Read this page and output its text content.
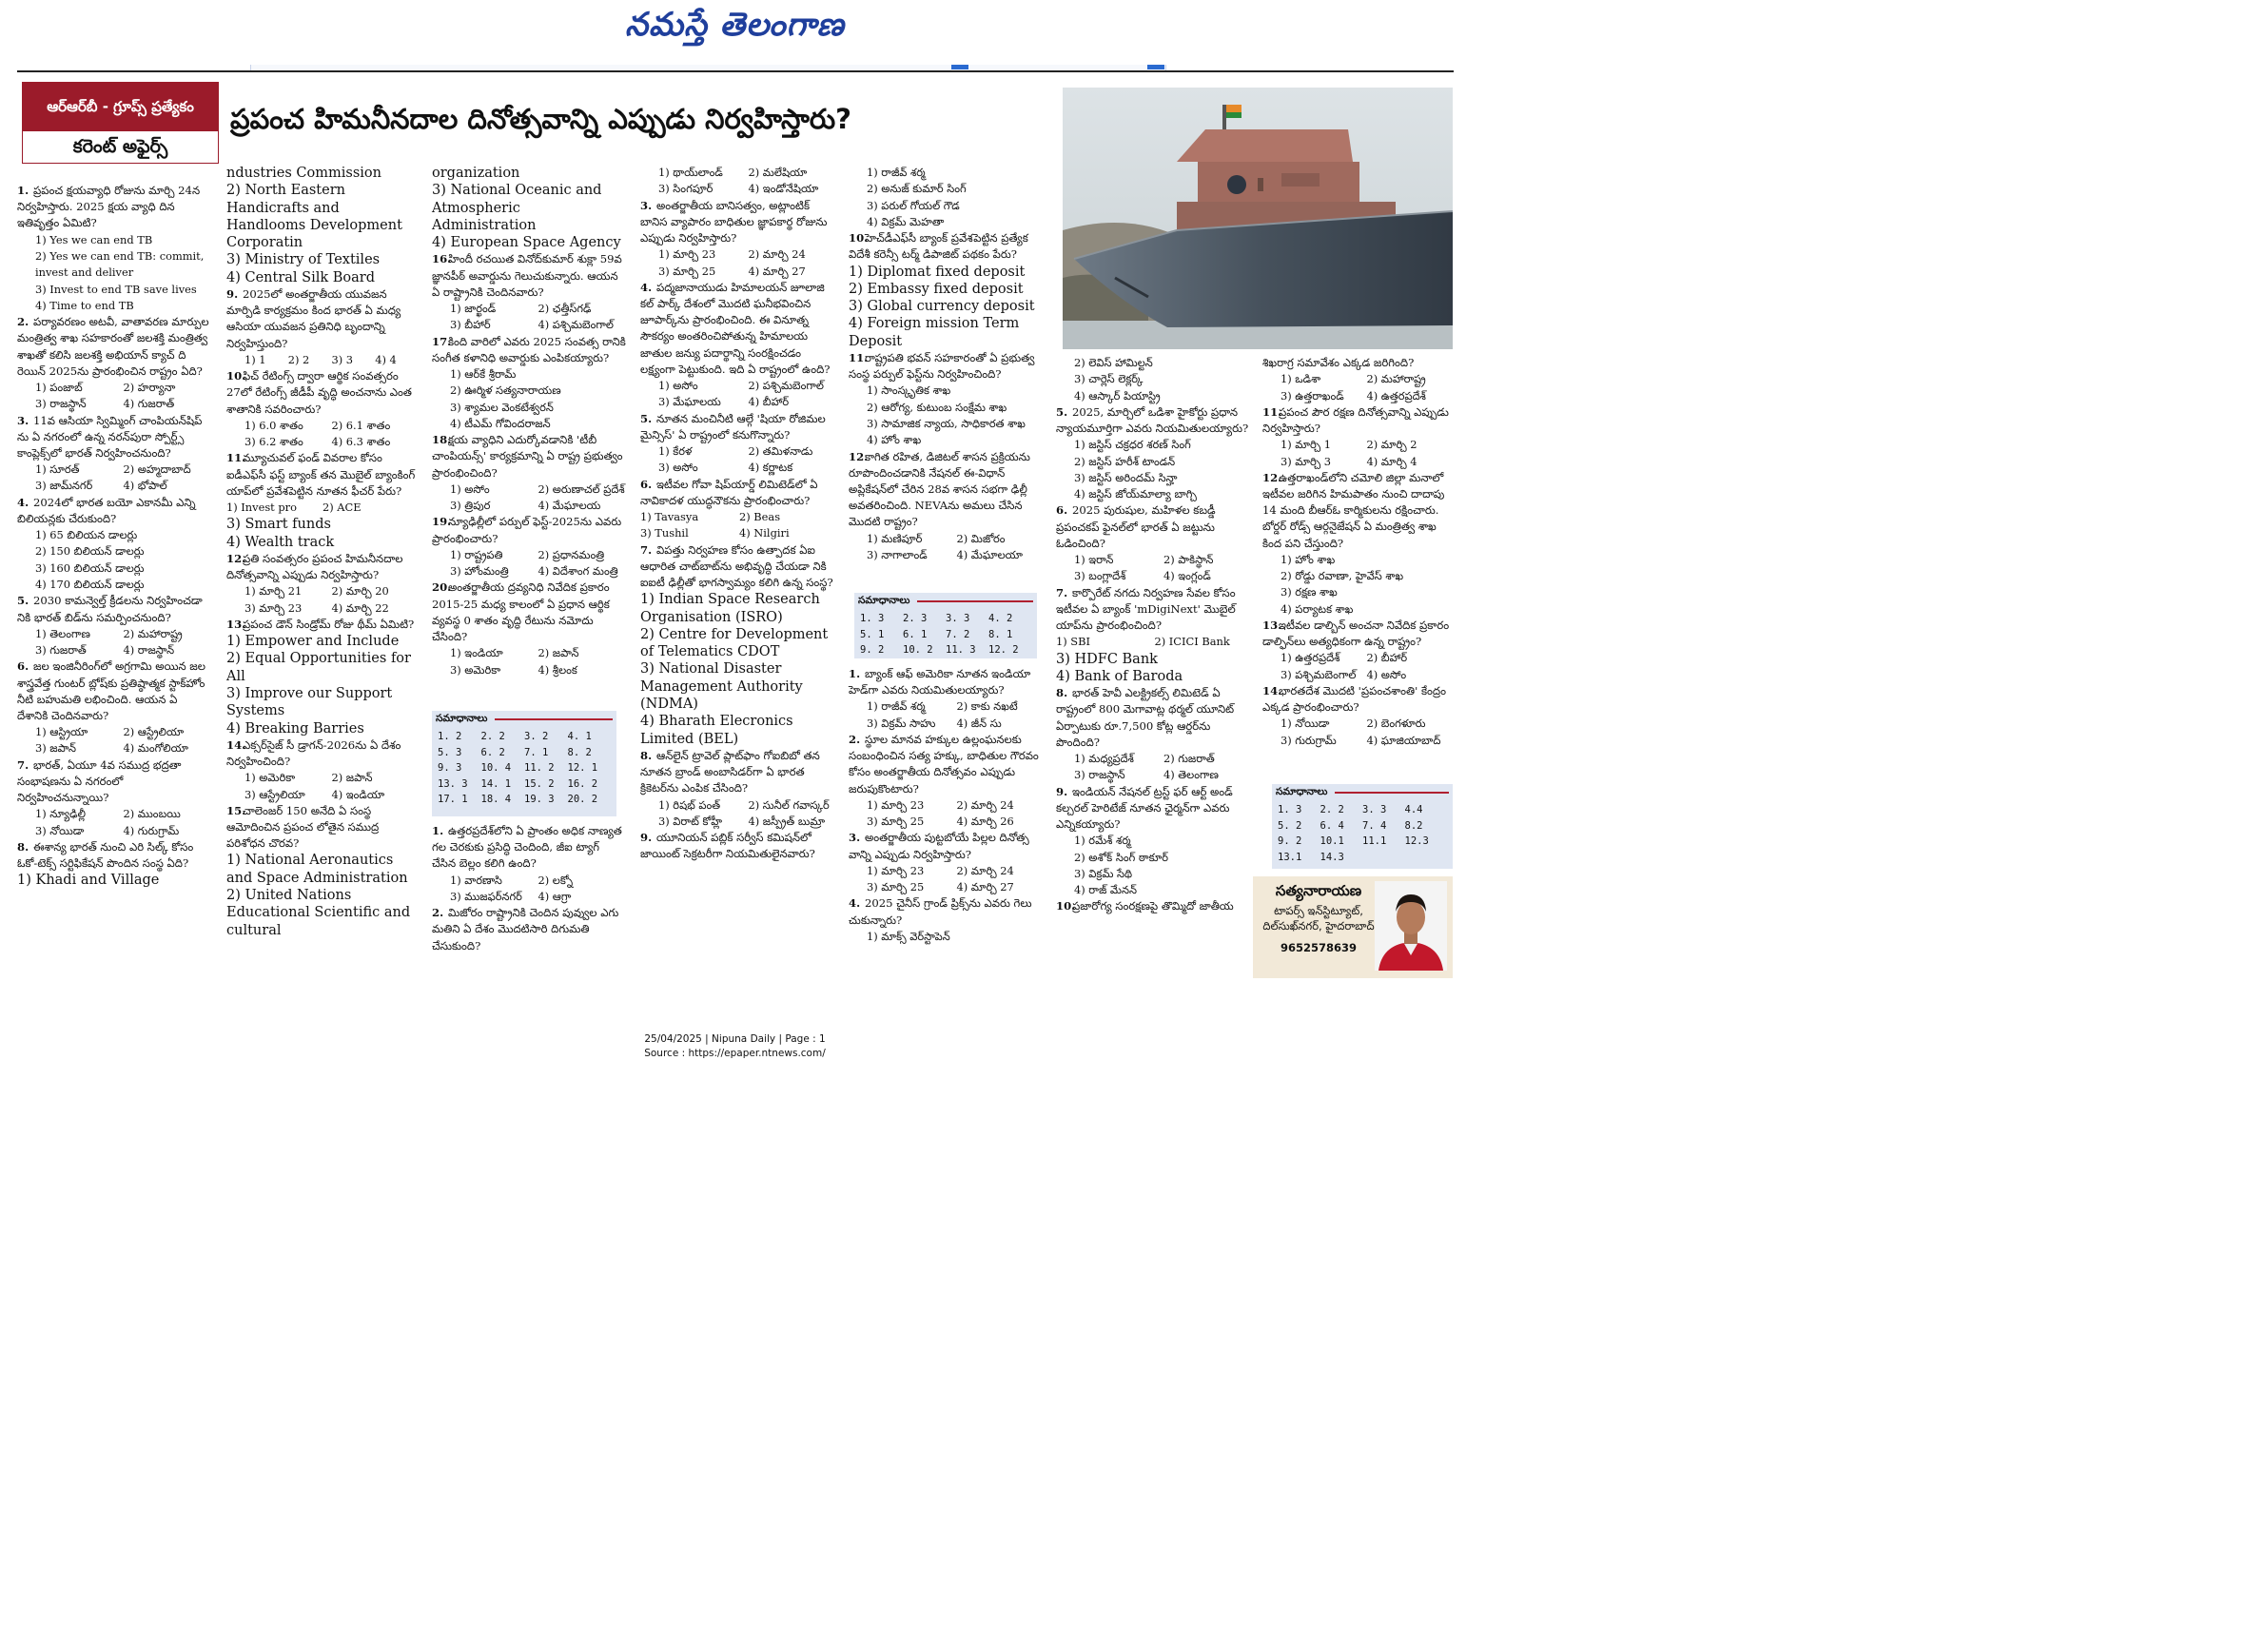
నమస్తే తెలంగాణ
ఆర్ఆర్‌బీ - గ్రూప్స్ ప్రత్యేకం
కరెంట్ అఫైర్స్
ప్రపంచ హిమనీనదాల దినోత్సవాన్ని ఎప్పుడు నిర్వహిస్తారు?
1. ప్రపంచ క్షయవ్యాధి రోజును మార్చి 24న నిర్వహిస్తారు. 2025 క్షయ వ్యాధి దిన ఇతివృత్తం ఏమిటి?
1) Yes we can end TB
2) Yes we can end TB: commit, invest and deliver
3) Invest to end TB save lives
4) Time to end TB
2. పర్యావరణం అటవీ, వాతావరణ మార్పుల మంత్రిత్వ శాఖ సహకారంతో జలశక్తి మంత్రిత్వ శాఖతో కలిసి జలశక్తి అభియాన్ క్యాచ్ ది రెయిన్ 2025ను ప్రారంభించిన రాష్ట్రం ఏది?
1) పంజాబ్	2) హర్యానా
3) రాజస్థాన్	4) గుజరాత్
3. 11వ ఆసియా స్విమ్మింగ్ చాంపియన్‌షిప్ ను ఏ నగరంలో ఉన్న నరన్‌పురా స్పోర్ట్స్ కాంప్లెక్స్‌లో భారత్ నిర్వహించనుంది?
1) సూరత్	2) అహ్మదాబాద్
3) జామ్‌నగర్	4) భోపాల్
4. 2024లో భారత బయో ఎకానమీ ఎన్ని బిలియన్లకు చేరుకుంది?
1) 65 బిలియన డాలర్లు
2) 150 బిలియన్ డాలర్లు
3) 160 బిలియన్ డాలర్లు
4) 170 బిలియన్ డాలర్లు
5. 2030 కామన్వెల్త్ క్రీడలను నిర్వహించడా నికి భారత్ బిడ్‌ను సమర్పించనుంది?
1) తెలంగాణ	2) మహారాష్ట్ర
3) గుజరాత్	4) రాజస్థాన్
6. జల ఇంజినీరింగ్‌లో అగ్రగామి అయిన జల శాస్త్రవేత్త గుంటర్ బ్లోష్‌కు ప్రతిష్ఠాత్మక స్టాక్‌హోం నీటి బహుమతి లభించింది. ఆయన ఏ దేశానికి చెందినవారు?
1) ఆస్ట్రియా	2) ఆస్ట్రేలియా
3) జపాన్	4) మంగోలియా
7. భారత్, ఏయూ 4వ సముద్ర భద్రతా సంభాషణను ఏ నగరంలో నిర్వహించనున్నాయి?
1) న్యూఢిల్లీ	2) ముంబయి
3) నోయిడా	4) గురుగ్రామ్
8. ఈశాన్య భారత్ నుంచి ఎరి సిల్క్ కోసం ఓకో-టెక్స్ సర్టిఫికేషన్ పొందిన సంస్థ ఏది?
1) Khadi and Village
ndustries Commission
2) North Eastern Handicrafts and Handlooms Development Corporatin
3) Ministry of Textiles
4) Central Silk Board
9. 2025లో అంతర్జాతీయ యువజన మార్పిడి కార్యక్రమం కింద భారత్ ఏ మధ్య ఆసియా యువజన ప్రతినిధి బృందాన్ని నిర్వహిస్తుంది?
1) 1	2) 2	3) 3	4) 4
10.ఫిచ్ రేటింగ్స్ ద్వారా ఆర్థిక సంవత్సరం 27లో రేటింగ్స్ జీడీపీ వృద్ధి అంచనాను ఎంత శాతానికి సవరించారు?
1) 6.0 శాతం	2) 6.1 శాతం
3) 6.2 శాతం	4) 6.3 శాతం
11.మ్యూచువల్ ఫండ్ వివరాల కోసం ఐడీఎఫ్‌సీ ఫస్ట్ బ్యాంక్ తన మొబైల్ బ్యాంకింగ్ యాప్‌లో ప్రవేశపెట్టిన నూతన ఫీచర్ పేరు?
1) Invest pro	2) ACE
3) Smart funds
4) Wealth track
12.ప్రతి సంవత్సరం ప్రపంచ హిమనీనదాల దినోత్సవాన్ని ఎప్పుడు నిర్వహిస్తారు?
1) మార్చి 21	2) మార్చి 20
3) మార్చి 23	4) మార్చి 22
13.ప్రపంచ డౌన్ సిండ్రోమ్ రోజు థీమ్ ఏమిటి?
1) Empower and Include
2) Equal Opportunities for All
3) Improve our Support Systems
4) Breaking Barries
14.ఎక్సర్‌సైజ్ సీ డ్రాగన్-2026ను ఏ దేశం నిర్వహించింది?
1) అమెరికా	2) జపాన్
3) ఆస్ట్రేలియా	4) ఇండియా
15.చాలెంజర్ 150 అనేది ఏ సంస్థ ఆమోదించిన ప్రపంచ లోతైన సముద్ర పరిశోధన చొరవ?
1) National Aeronautics and Space Administration
2) United Nations Educational Scientific and cultural
organization
3) National Oceanic and Atmospheric Administration
4) European Space Agency
16.హిందీ రచయిత వినోద్‌కుమార్ శుక్లా 59వ జ్ఞానపీఠ్ అవార్డును గెలుచుకున్నారు. ఆయన ఏ రాష్ట్రానికి చెందినవారు?
1) జార్ఖండ్	2) ఛత్తీస్‌గఢ్
3) బీహార్	4) పశ్చిమబెంగాల్
17.కింది వారిలో ఎవరు 2025 సంవత్స రానికి సంగీత కళానిధి అవార్డుకు ఎంపికయ్యారు?
1) ఆర్‌కే శ్రీరామ్
2) ఊర్మిళ సత్యనారాయణ
3) శ్యామల వెంకటేశ్వరన్
4) టీఎమ్ గోవిందరాజన్
18.క్షయ వ్యాధిని ఎదుర్కోవడానికి 'టీబీ చాంపియన్స్' కార్యక్రమాన్ని ఏ రాష్ట్ర ప్రభుత్వం ప్రారంభించింది?
1) అసోం	2) అరుణాచల్ ప్రదేశ్
3) త్రిపుర	4) మేఘాలయ
19.న్యూఢిల్లీలో పర్పుల్ ఫెస్ట్-2025ను ఎవరు ప్రారంభించారు?
1) రాష్ట్రపతి	2) ప్రధానమంత్రి
3) హోంమంత్రి	4) విదేశాంగ మంత్రి
20.అంతర్జాతీయ ద్రవ్యనిధి నివేదిక ప్రకారం 2015-25 మధ్య కాలంలో ఏ ప్రధాన ఆర్థిక వ్యవస్థ 0 శాతం వృద్ధి రేటును నమోదు చేసింది?
1) ఇండియా	2) జపాన్
3) అమెరికా	4) శ్రీలంక
సమాధానాలు
1. 2	2. 2	3. 2	4. 1
5. 3	6. 2	7. 1	8. 2
9. 3	10. 4	11. 2	12. 1
13. 3	14. 1	15. 2	16. 2
17. 1	18. 4	19. 3	20. 2
1. ఉత్తరప్రదేశ్‌లోని ఏ ప్రాంతం అధిక నాణ్యత గల చెరకుకు ప్రసిద్ధి చెందింది, జీఐ ట్యాగ్ చేసిన బెల్లం కలిగి ఉంది?
1) వారణాసి	2) లక్నో
3) ముజఫర్‌నగర్	4) ఆగ్రా
2. మిజోరం రాష్ట్రానికి చెందిన పువ్వుల ఎగు మతిని ఏ దేశం మొదటిసారి దిగుమతి చేసుకుంది?
1) థాయ్‌లాండ్	2) మలేషియా
3) సింగపూర్	4) ఇండోనేషియా
3. అంతర్జాతీయ బానిసత్వం, అట్లాంటిక్ బానిస వ్యాపారం బాధితుల జ్ఞాపకార్థ రోజును ఎప్పుడు నిర్వహిస్తారు?
1) మార్చి 23	2) మార్చి 24
3) మార్చి 25	4) మార్చి 27
4. పద్మజానాయుడు హిమాలయన్ జూలాజి కల్ పార్క్ దేశంలో మొదటి ఘనీభవించిన జూపార్క్‌ను ప్రారంభించింది. ఈ వినూత్న సౌకర్యం అంతరించిపోతున్న హిమాలయ జాతుల జన్యు పదార్థాన్ని సంరక్షించడం లక్ష్యంగా పెట్టుకుంది. ఇది ఏ రాష్ట్రంలో ఉంది?
1) అసోం	2) పశ్చిమబెంగాల్
3) మేఘాలయ	4) బీహార్
5. నూతన మంచినీటి ఆల్గే 'షియా రోజిమల మైన్సిస్' ఏ రాష్ట్రంలో కనుగొన్నారు?
1) కేరళ	2) తమిళనాడు
3) అసోం	4) కర్ణాటక
6. ఇటీవల గోవా షిప్‌యార్డ్ లిమిటెడ్‌లో ఏ నావికాదళ యుద్ధనౌకను ప్రారంభించారు?
1) Tavasya	2) Beas
3) Tushil	4) Nilgiri
7. విపత్తు నిర్వహణ కోసం ఉత్పాదక ఏఐ ఆధారిత చాట్‌బాట్‌ను అభివృద్ధి చేయడా నికి ఐఐటీ ఢిల్లీతో భాగస్వామ్యం కలిగి ఉన్న సంస్థ?
1) Indian Space Research Organisation (ISRO)
2) Centre for Development of Telematics CDOT
3) National Disaster Management Authority (NDMA)
4) Bharath Elecronics Limited (BEL)
8. ఆన్‌లైన్ ట్రావెల్ ప్లాట్‌ఫాం గోఐబిబో తన నూతన బ్రాండ్ అంబాసిడర్‌గా ఏ భారత క్రికెటర్‌ను ఎంపిక చేసింది?
1) రిషభ్ పంత్	2) సునీల్ గవాస్కర్
3) విరాట్ కోహ్లీ	4) జస్ప్రీత్ బుమ్రా
9. యూనియన్ పబ్లిక్ సర్వీస్ కమిషన్‌లో జాయింట్ సెక్రటరీగా నియమితులైనవారు?
1) రాజీవ్ శర్మ
2) అనుజ్ కుమార్ సింగ్
3) పరుల్ గోయల్ గౌడ
4) విక్రమ్ మెహతా
10.హెచ్‌డీఎఫ్‌సీ బ్యాంక్ ప్రవేశపెట్టిన ప్రత్యేక విదేశీ కరెన్సీ టర్మ్ డిపాజిట్ పథకం పేరు?
1) Diplomat fixed deposit
2) Embassy fixed deposit
3) Global currency deposit
4) Foreign mission Term Deposit
11.రాష్ట్రపతి భవన్ సహకారంతో ఏ ప్రభుత్వ సంస్థ పర్పుల్ ఫెస్ట్‌ను నిర్వహించింది?
1) సాంస్కృతిక శాఖ
2) ఆరోగ్య, కుటుంబ సంక్షేమ శాఖ
3) సామాజిక న్యాయ, సాధికారత శాఖ
4) హోం శాఖ
12.కాగిత రహిత, డిజిటల్ శాసన ప్రక్రియను రూపొందించడానికి నేషనల్ ఈ-విధాన్ అప్లికేషన్‌లో చేరిన 28వ శాసన సభగా ఢిల్లీ అవతరించింది. NEVAను అమలు చేసిన మొదటి రాష్ట్రం?
1) మణిపూర్	2) మిజోరం
3) నాగాలాండ్	4) మేఘాలయా
సమాధానాలు
1. 3	2. 3	3. 3	4. 2
5. 1	6. 1	7. 2	8. 1
9. 2	10. 2	11. 3	12. 2
1. బ్యాంక్ ఆఫ్ అమెరికా నూతన ఇండియా హెడ్‌గా ఎవరు నియమితులయ్యారు?
1) రాజీవ్ శర్మ	2) కాకు నఖటే
3) విక్రమ్ సాహు	4) జీన్ సు
2. స్థూల మానవ హక్కుల ఉల్లంఘనలకు సంబంధించిన సత్య హక్కు, బాధితుల గౌరవం కోసం అంతర్జాతీయ దినోత్సవం ఎప్పుడు జరుపుకొంటారు?
1) మార్చి 23	2) మార్చి 24
3) మార్చి 25	4) మార్చి 26
3. అంతర్జాతీయ పుట్టబోయే పిల్లల దినోత్స వాన్ని ఎప్పుడు నిర్వహిస్తారు?
1) మార్చి 23	2) మార్చి 24
3) మార్చి 25	4) మార్చి 27
4. 2025 చైనీస్ గ్రాండ్ ప్రిక్స్‌ను ఎవరు గెలు చుకున్నారు?
1) మాక్స్ వెర్‌స్టాపెన్
2) లెవిస్ హామిల్టన్
3) చార్లెస్ లెక్లర్క్
4) ఆస్కార్ పియాస్ట్రి
5. 2025, మార్చిలో ఒడిశా హైకోర్టు ప్రధాన న్యాయమూర్తిగా ఎవరు నియమితులయ్యారు?
1) జస్టిస్ చక్రధర శరణ్ సింగ్
2) జస్టిస్ హరీశ్ టాండన్
3) జస్టిస్ అరిందమ్ సిన్హా
4) జస్టిస్ జోయ్‌మాల్యా బాగ్చి
6. 2025 పురుషుల, మహిళల కబడ్డీ ప్రపంచకప్ ఫైనల్‌లో భారత్ ఏ జట్టును ఓడించింది?
1) ఇరాన్	2) పాకిస్థాన్
3) బంగ్లాదేశ్	4) ఇంగ్లండ్
7. కార్పొరేట్ నగదు నిర్వహణ సేవల కోసం ఇటీవల ఏ బ్యాంక్ 'mDigiNext' మొబైల్ యాప్‌ను ప్రారంభించింది?
1) SBI	2) ICICI Bank
3) HDFC Bank
4) Bank of Baroda
8. భారత్ హెవీ ఎలక్ట్రికల్స్ లిమిటెడ్ ఏ రాష్ట్రంలో 800 మెగావాట్ల థర్మల్ యూనిట్ ఏర్పాటుకు రూ.7,500 కోట్ల ఆర్డర్‌ను పొందింది?
1) మధ్యప్రదేశ్	2) గుజరాత్
3) రాజస్థాన్	4) తెలంగాణ
9. ఇండియన్ నేషనల్ ట్రస్ట్ ఫర్ ఆర్ట్ అండ్ కల్చరల్ హెరిటేజ్ నూతన ఛైర్మన్‌గా ఎవరు ఎన్నికయ్యారు?
1) రమేశ్ శర్మ
2) అశోక్ సింగ్ ఠాకూర్
3) విక్రమ్ సేథి
4) రాజ్ మేనన్
10.ప్రజారోగ్య సంరక్షణపై తొమ్మిదో జాతీయ
శిఖరాగ్ర సమావేశం ఎక్కడ జరిగింది?
1) ఒడిశా	2) మహారాష్ట్ర
3) ఉత్తరాఖండ్	4) ఉత్తరప్రదేశ్
11.ప్రపంచ పౌర రక్షణ దినోత్సవాన్ని ఎప్పుడు నిర్వహిస్తారు?
1) మార్చి 1	2) మార్చి 2
3) మార్చి 3	4) మార్చి 4
12.ఉత్తరాఖండ్‌లోని చమోలి జిల్లా మనాలో ఇటీవల జరిగిన హిమపాతం నుంచి దాదాపు 14 మంది బీఆర్‌ఓ కార్మికులను రక్షించారు. బోర్డర్ రోడ్స్ ఆర్గనైజేషన్ ఏ మంత్రిత్వ శాఖ కింద పని చేస్తుంది?
1) హోం శాఖ
2) రోడ్డు రవాణా, హైవేస్ శాఖ
3) రక్షణ శాఖ
4) పర్యాటక శాఖ
13.ఇటీవల డాల్బిన్ అంచనా నివేదిక ప్రకారం డాల్ఫిన్‌లు అత్యధికంగా ఉన్న రాష్ట్రం?
1) ఉత్తరప్రదేశ్	2) బీహార్
3) పశ్చిమబెంగాల్ 4) అసోం
14.భారతదేశ మొదటి 'ప్రపంచశాంతి' కేంద్రం ఎక్కడ ప్రారంభించారు?
1) నోయిడా	2) బెంగళూరు
3) గురుగ్రామ్	4) ఘాజియాబాద్
సమాధానాలు
1. 3	2. 2	3. 3	4.4
5. 2	6. 4	7. 4	8.2
9. 2	10.1	11.1	12.3
13.1	14.3
సత్యనారాయణ
టాపర్స్ ఇన్‌స్టిట్యూట్, దిల్‌సుఖ్‌నగర్, హైదరాబాద్
9652578639
25/04/2025 | Nipuna Daily | Page : 1
Source : https://epaper.ntnews.com/
